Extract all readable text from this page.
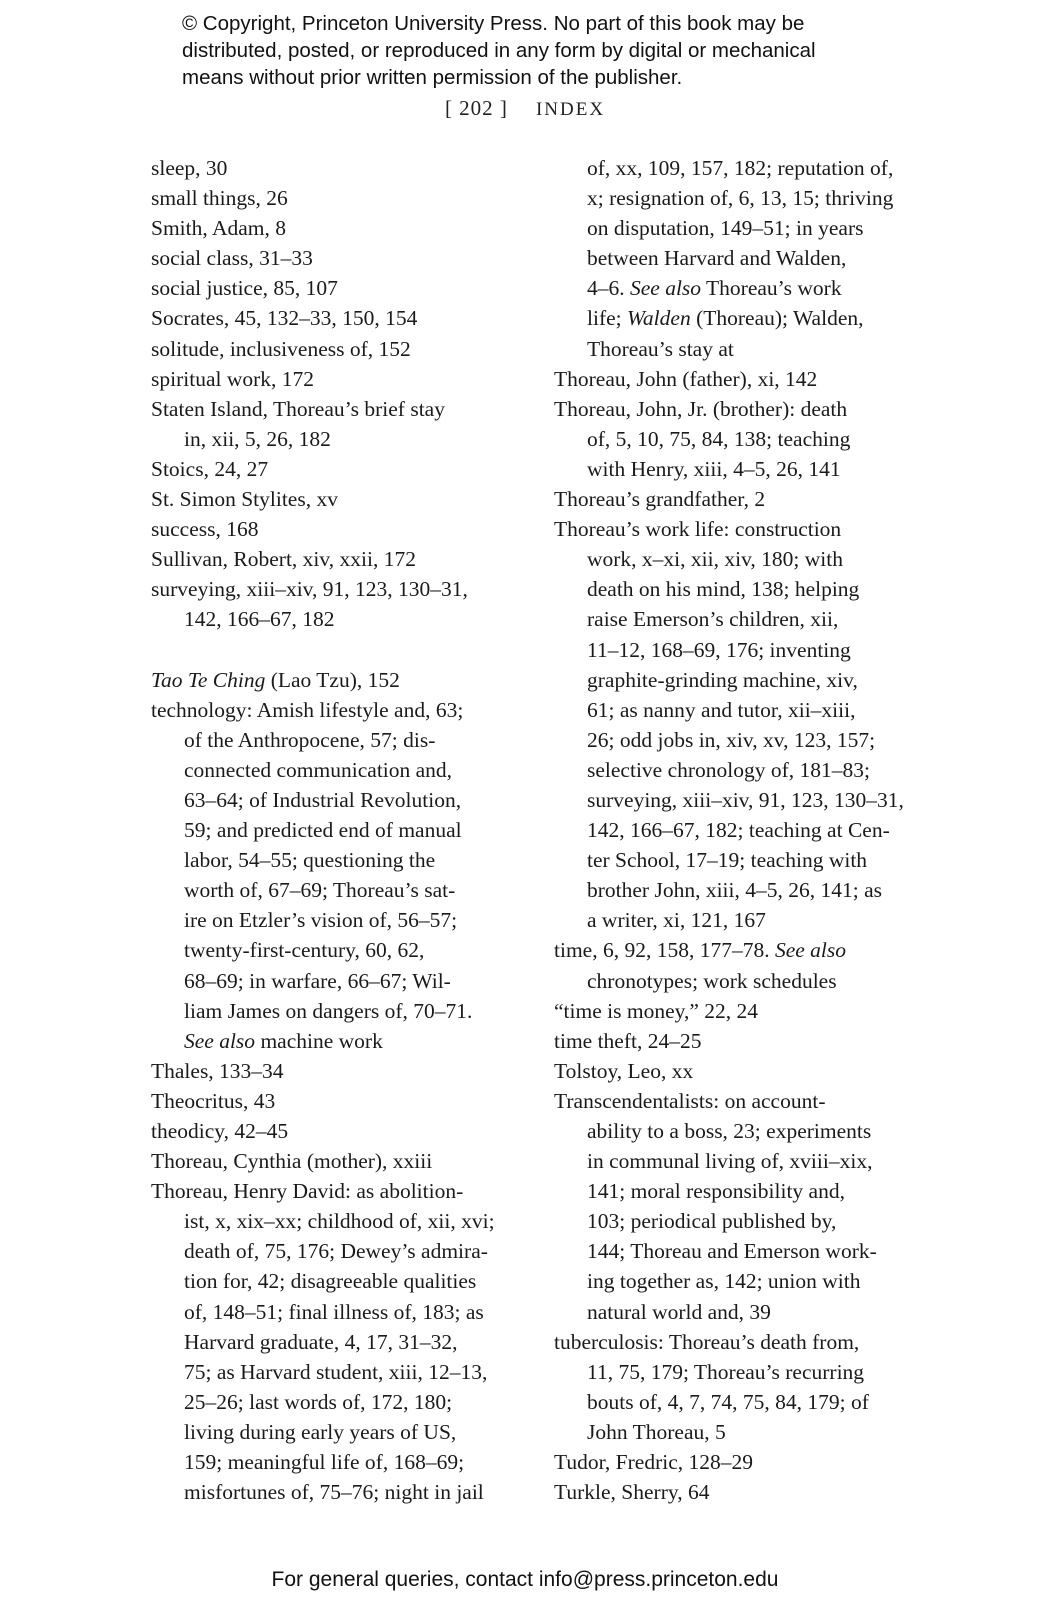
© Copyright, Princeton University Press. No part of this book may be
distributed, posted, or reproduced in any form by digital or mechanical
means without prior written permission of the publisher.
[ 202 ] INDEX
sleep, 30
small things, 26
Smith, Adam, 8
social class, 31–33
social justice, 85, 107
Socrates, 45, 132–33, 150, 154
solitude, inclusiveness of, 152
spiritual work, 172
Staten Island, Thoreau’s brief stay
in, xii, 5, 26, 182
Stoics, 24, 27
St. Simon Stylites, xv
success, 168
Sullivan, Robert, xiv, xxii, 172
surveying, xiii–xiv, 91, 123, 130–31,
142, 166–67, 182
Tao Te Ching (Lao Tzu), 152
technology: Amish lifestyle and, 63;
of the Anthropocene, 57; dis-
connected communication and,
63–64; of Industrial Revolution,
59; and predicted end of manual
labor, 54–55; questioning the
worth of, 67–69; Thoreau’s sat-
ire on Etzler’s vision of, 56–57;
twenty-first-century, 60, 62,
68–69; in warfare, 66–67; Wil-
liam James on dangers of, 70–71.
See also machine work
Thales, 133–34
Theocritus, 43
theodicy, 42–45
Thoreau, Cynthia (mother), xxiii
Thoreau, Henry David: as abolition-
ist, x, xix–xx; childhood of, xii, xvi;
death of, 75, 176; Dewey’s admira-
tion for, 42; disagreeable qualities
of, 148–51; final illness of, 183; as
Harvard graduate, 4, 17, 31–32,
75; as Harvard student, xiii, 12–13,
25–26; last words of, 172, 180;
living during early years of US,
159; meaningful life of, 168–69;
misfortunes of, 75–76; night in jail
of, xx, 109, 157, 182; reputation of,
x; resignation of, 6, 13, 15; thriving
on disputation, 149–51; in years
between Harvard and Walden,
4–6. See also Thoreau’s work
life; Walden (Thoreau); Walden,
Thoreau’s stay at
Thoreau, John (father), xi, 142
Thoreau, John, Jr. (brother): death
of, 5, 10, 75, 84, 138; teaching
with Henry, xiii, 4–5, 26, 141
Thoreau’s grandfather, 2
Thoreau’s work life: construction
work, x–xi, xii, xiv, 180; with
death on his mind, 138; helping
raise Emerson’s children, xii,
11–12, 168–69, 176; inventing
graphite-grinding machine, xiv,
61; as nanny and tutor, xii–xiii,
26; odd jobs in, xiv, xv, 123, 157;
selective chronology of, 181–83;
surveying, xiii–xiv, 91, 123, 130–31,
142, 166–67, 182; teaching at Cen-
ter School, 17–19; teaching with
brother John, xiii, 4–5, 26, 141; as
a writer, xi, 121, 167
time, 6, 92, 158, 177–78. See also
chronotypes; work schedules
“time is money,” 22, 24
time theft, 24–25
Tolstoy, Leo, xx
Transcendentalists: on account-
ability to a boss, 23; experiments
in communal living of, xviii–xix,
141; moral responsibility and,
103; periodical published by,
144; Thoreau and Emerson work-
ing together as, 142; union with
natural world and, 39
tuberculosis: Thoreau’s death from,
11, 75, 179; Thoreau’s recurring
bouts of, 4, 7, 74, 75, 84, 179; of
John Thoreau, 5
Tudor, Fredric, 128–29
Turkle, Sherry, 64
For general queries, contact info@press.princeton.edu
